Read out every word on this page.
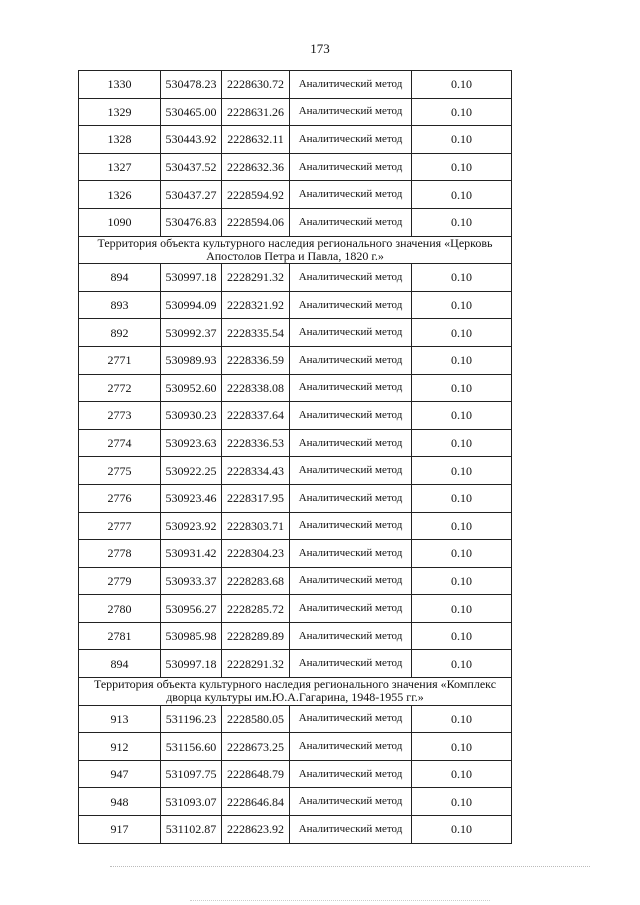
173
1330	530478.23	2228630.72	Аналитический метод	0.10
1329	530465.00	2228631.26	Аналитический метод	0.10
1328	530443.92	2228632.11	Аналитический метод	0.10
1327	530437.52	2228632.36	Аналитический метод	0.10
1326	530437.27	2228594.92	Аналитический метод	0.10
1090	530476.83	2228594.06	Аналитический метод	0.10
Территория объекта культурного наследия регионального значения «Церковь Апостолов Петра и Павла, 1820 г.»				
894	530997.18	2228291.32	Аналитический метод	0.10
893	530994.09	2228321.92	Аналитический метод	0.10
892	530992.37	2228335.54	Аналитический метод	0.10
2771	530989.93	2228336.59	Аналитический метод	0.10
2772	530952.60	2228338.08	Аналитический метод	0.10
2773	530930.23	2228337.64	Аналитический метод	0.10
2774	530923.63	2228336.53	Аналитический метод	0.10
2775	530922.25	2228334.43	Аналитический метод	0.10
2776	530923.46	2228317.95	Аналитический метод	0.10
2777	530923.92	2228303.71	Аналитический метод	0.10
2778	530931.42	2228304.23	Аналитический метод	0.10
2779	530933.37	2228283.68	Аналитический метод	0.10
2780	530956.27	2228285.72	Аналитический метод	0.10
2781	530985.98	2228289.89	Аналитический метод	0.10
894	530997.18	2228291.32	Аналитический метод	0.10
Территория объекта культурного наследия регионального значения «Комплекс дворца культуры им.Ю.А.Гагарина, 1948-1955 гг.»				
913	531196.23	2228580.05	Аналитический метод	0.10
912	531156.60	2228673.25	Аналитический метод	0.10
947	531097.75	2228648.79	Аналитический метод	0.10
948	531093.07	2228646.84	Аналитический метод	0.10
917	531102.87	2228623.92	Аналитический метод	0.10
